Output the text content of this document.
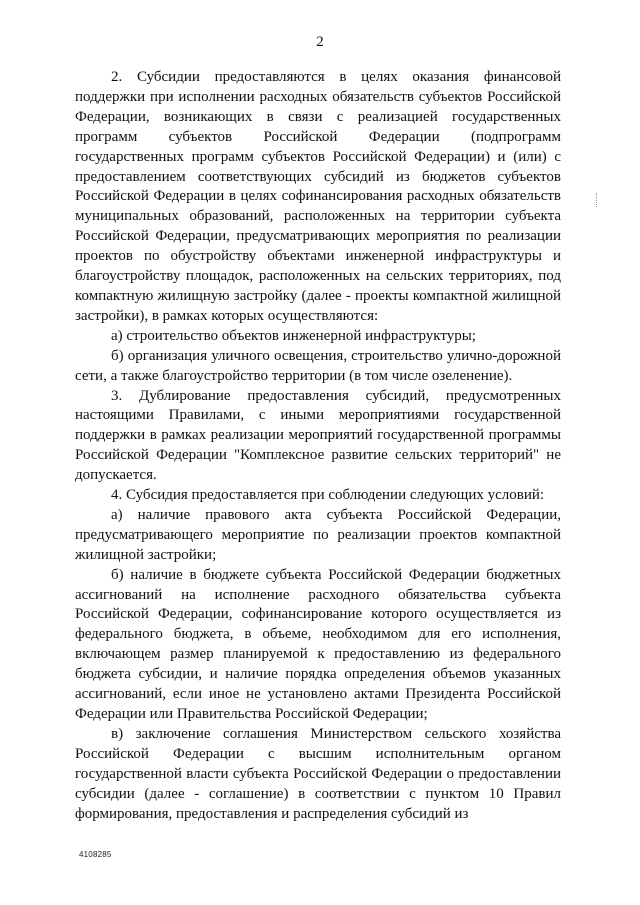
2

2. Субсидии предоставляются в целях оказания финансовой поддержки при исполнении расходных обязательств субъектов Российской Федерации, возникающих в связи с реализацией государственных программ субъектов Российской Федерации (подпрограмм государственных программ субъектов Российской Федерации) и (или) с предоставлением соответствующих субсидий из бюджетов субъектов Российской Федерации в целях софинансирования расходных обязательств муниципальных образований, расположенных на территории субъекта Российской Федерации, предусматривающих мероприятия по реализации проектов по обустройству объектами инженерной инфраструктуры и благоустройству площадок, расположенных на сельских территориях, под компактную жилищную застройку (далее - проекты компактной жилищной застройки), в рамках которых осуществляются:

а) строительство объектов инженерной инфраструктуры;

б) организация уличного освещения, строительство улично-дорожной сети, а также благоустройство территории (в том числе озеленение).

3. Дублирование предоставления субсидий, предусмотренных настоящими Правилами, с иными мероприятиями государственной поддержки в рамках реализации мероприятий государственной программы Российской Федерации "Комплексное развитие сельских территорий" не допускается.

4. Субсидия предоставляется при соблюдении следующих условий:

а) наличие правового акта субъекта Российской Федерации, предусматривающего мероприятие по реализации проектов компактной жилищной застройки;

б) наличие в бюджете субъекта Российской Федерации бюджетных ассигнований на исполнение расходного обязательства субъекта Российской Федерации, софинансирование которого осуществляется из федерального бюджета, в объеме, необходимом для его исполнения, включающем размер планируемой к предоставлению из федерального бюджета субсидии, и наличие порядка определения объемов указанных ассигнований, если иное не установлено актами Президента Российской Федерации или Правительства Российской Федерации;

в) заключение соглашения Министерством сельского хозяйства Российской Федерации с высшим исполнительным органом государственной власти субъекта Российской Федерации о предоставлении субсидии (далее - соглашение) в соответствии с пунктом 10 Правил формирования, предоставления и распределения субсидий из

4108285
